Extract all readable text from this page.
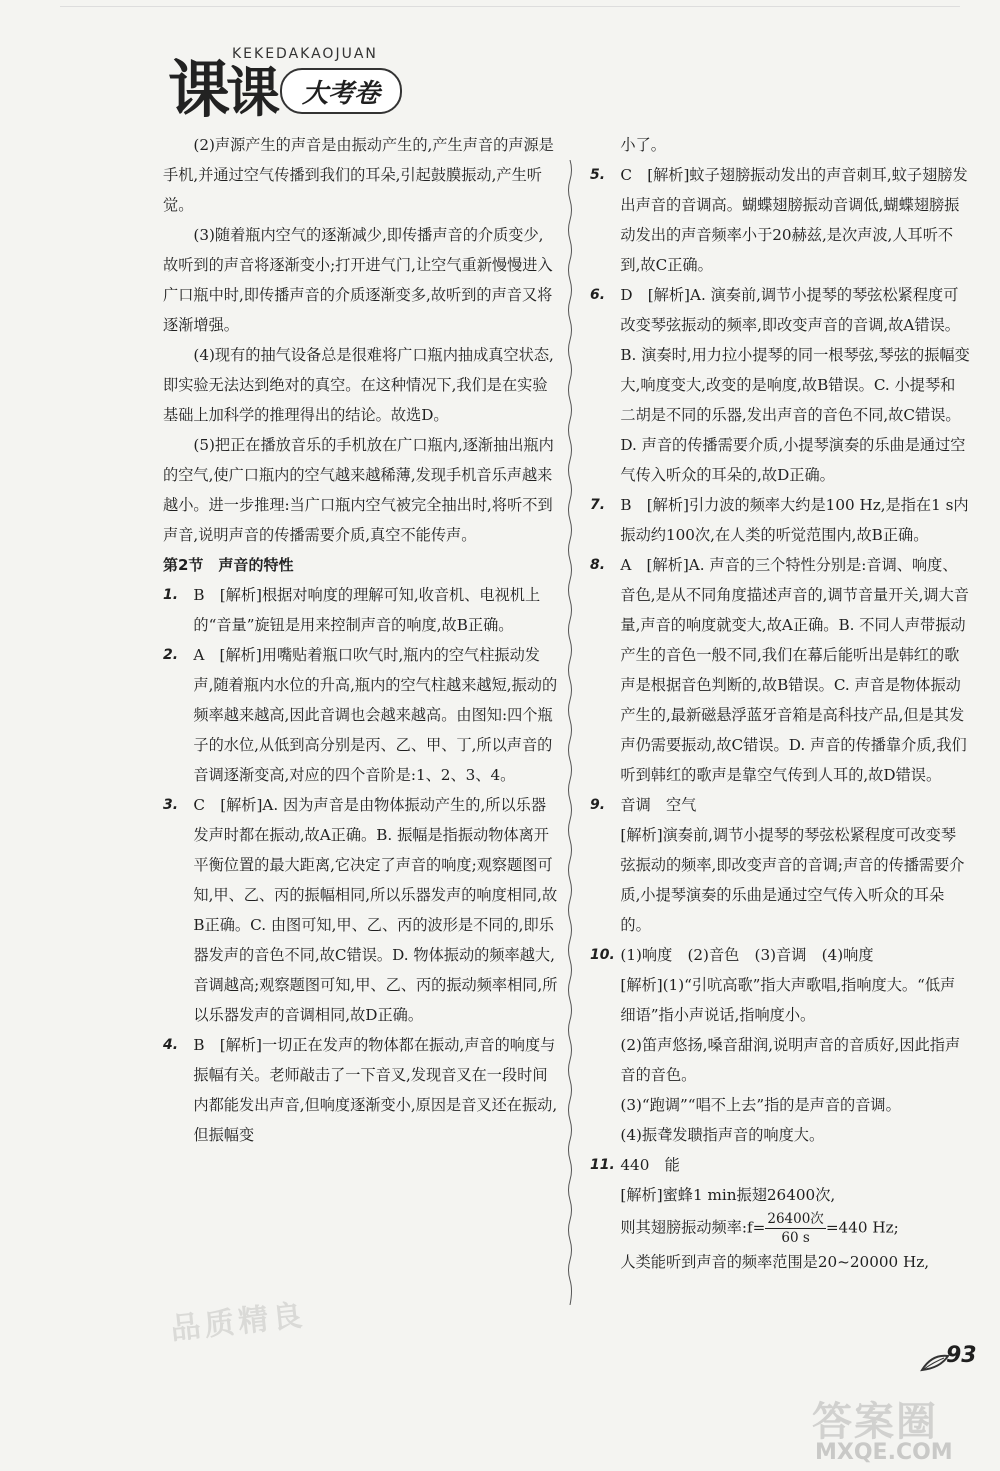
课课
KEKEDAKAOJUAN
大考卷

(2)声源产生的声音是由振动产生的,产生声音的声源是手机,并通过空气传播到我们的耳朵,引起鼓膜振动,产生听觉。

(3)随着瓶内空气的逐渐减少,即传播声音的介质变少,故听到的声音将逐渐变小;打开进气门,让空气重新慢慢进入广口瓶中时,即传播声音的介质逐渐变多,故听到的声音又将逐渐增强。

(4)现有的抽气设备总是很难将广口瓶内抽成真空状态,即实验无法达到绝对的真空。在这种情况下,我们是在实验基础上加科学的推理得出的结论。故选D。

(5)把正在播放音乐的手机放在广口瓶内,逐渐抽出瓶内的空气,使广口瓶内的空气越来越稀薄,发现手机音乐声越来越小。进一步推理:当广口瓶内空气被完全抽出时,将听不到声音,说明声音的传播需要介质,真空不能传声。

第2节　声音的特性

1. B　[解析]根据对响度的理解可知,收音机、电视机上的“音量”旋钮是用来控制声音的响度,故B正确。
2. A　[解析]用嘴贴着瓶口吹气时,瓶内的空气柱振动发声,随着瓶内水位的升高,瓶内的空气柱越来越短,振动的频率越来越高,因此音调也会越来越高。由图知:四个瓶子的水位,从低到高分别是丙、乙、甲、丁,所以声音的音调逐渐变高,对应的四个音阶是:1、2、3、4。
3. C　[解析]A. 因为声音是由物体振动产生的,所以乐器发声时都在振动,故A正确。B. 振幅是指振动物体离开平衡位置的最大距离,它决定了声音的响度;观察题图可知,甲、乙、丙的振幅相同,所以乐器发声的响度相同,故B正确。C. 由图可知,甲、乙、丙的波形是不同的,即乐器发声的音色不同,故C错误。D. 物体振动的频率越大,音调越高;观察题图可知,甲、乙、丙的振动频率相同,所以乐器发声的音调相同,故D正确。
4. B　[解析]一切正在发声的物体都在振动,声音的响度与振幅有关。老师敲击了一下音叉,发现音叉在一段时间内都能发出声音,但响度逐渐变小,原因是音叉还在振动,但振幅变

小了。

5. C　[解析]蚊子翅膀振动发出的声音刺耳,蚊子翅膀发出声音的音调高。蝴蝶翅膀振动音调低,蝴蝶翅膀振动发出的声音频率小于20赫兹,是次声波,人耳听不到,故C正确。
6. D　[解析]A. 演奏前,调节小提琴的琴弦松紧程度可改变琴弦振动的频率,即改变声音的音调,故A错误。B. 演奏时,用力拉小提琴的同一根琴弦,琴弦的振幅变大,响度变大,改变的是响度,故B错误。C. 小提琴和二胡是不同的乐器,发出声音的音色不同,故C错误。D. 声音的传播需要介质,小提琴演奏的乐曲是通过空气传入听众的耳朵的,故D正确。
7. B　[解析]引力波的频率大约是100 Hz,是指在1 s内振动约100次,在人类的听觉范围内,故B正确。
8. A　[解析]A. 声音的三个特性分别是:音调、响度、音色,是从不同角度描述声音的,调节音量开关,调大音量,声音的响度就变大,故A正确。B. 不同人声带振动产生的音色一般不同,我们在幕后能听出是韩红的歌声是根据音色判断的,故B错误。C. 声音是物体振动产生的,最新磁悬浮蓝牙音箱是高科技产品,但是其发声仍需要振动,故C错误。D. 声音的传播靠介质,我们听到韩红的歌声是靠空气传到人耳的,故D错误。
9. 音调　空气

[解析]演奏前,调节小提琴的琴弦松紧程度可改变琴弦振动的频率,即改变声音的音调;声音的传播需要介质,小提琴演奏的乐曲是通过空气传入听众的耳朵的。

10. (1)响度　(2)音色　(3)音调　(4)响度

[解析](1)“引吭高歌”指大声歌唱,指响度大。“低声细语”指小声说话,指响度小。

(2)笛声悠扬,嗓音甜润,说明声音的音质好,因此指声音的音色。

(3)“跑调”“唱不上去”指的是声音的音调。

(4)振聋发聩指声音的响度大。

11. 440　能

[解析]蜜蜂1 min振翅26400次,

则其翅膀振动频率:f= $\frac{\text{26400次}}{60 s} =440$ Hz;

人类能听到声音的频率范围是20~20000 Hz,

品质精良
93
答案圈
MXQE.COM
